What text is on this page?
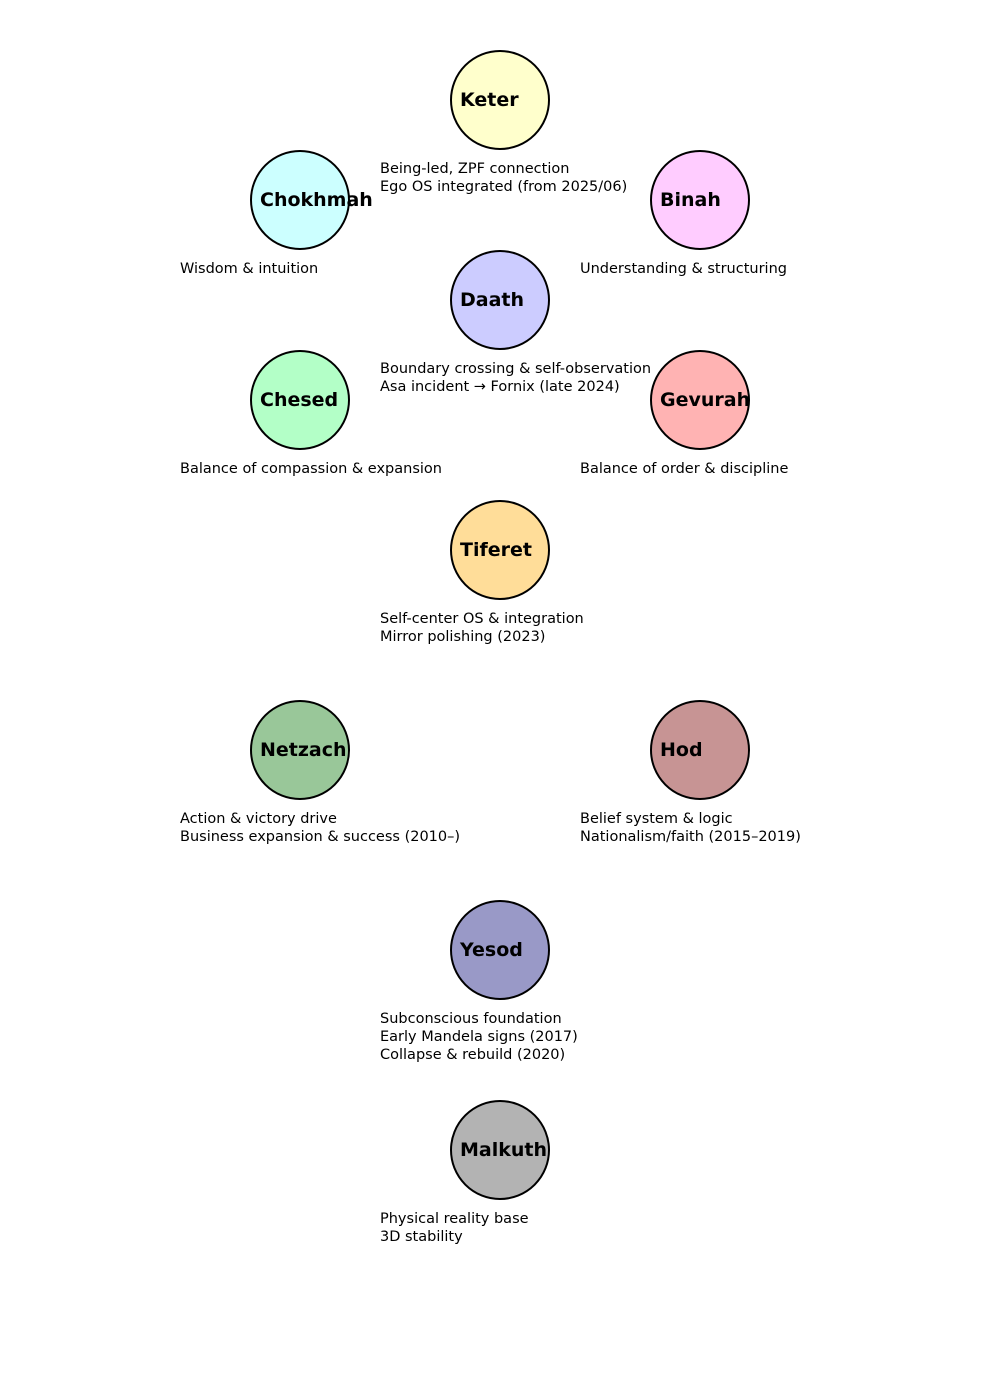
Keter
Being-led, ZPF connection
Ego OS integrated (from 2025/06)
Chokhmah
Wisdom & intuition
Binah
Understanding & structuring
Daath
Boundary crossing & self-observation
Asa incident → Fornix (late 2024)
Chesed
Balance of compassion & expansion
Gevurah
Balance of order & discipline
Tiferet
Self-center OS & integration
Mirror polishing (2023)
Netzach
Action & victory drive
Business expansion & success (2010–)
Hod
Belief system & logic
Nationalism/faith (2015–2019)
Yesod
Subconscious foundation
Early Mandela signs (2017)
Collapse & rebuild (2020)
Malkuth
Physical reality base
3D stability
